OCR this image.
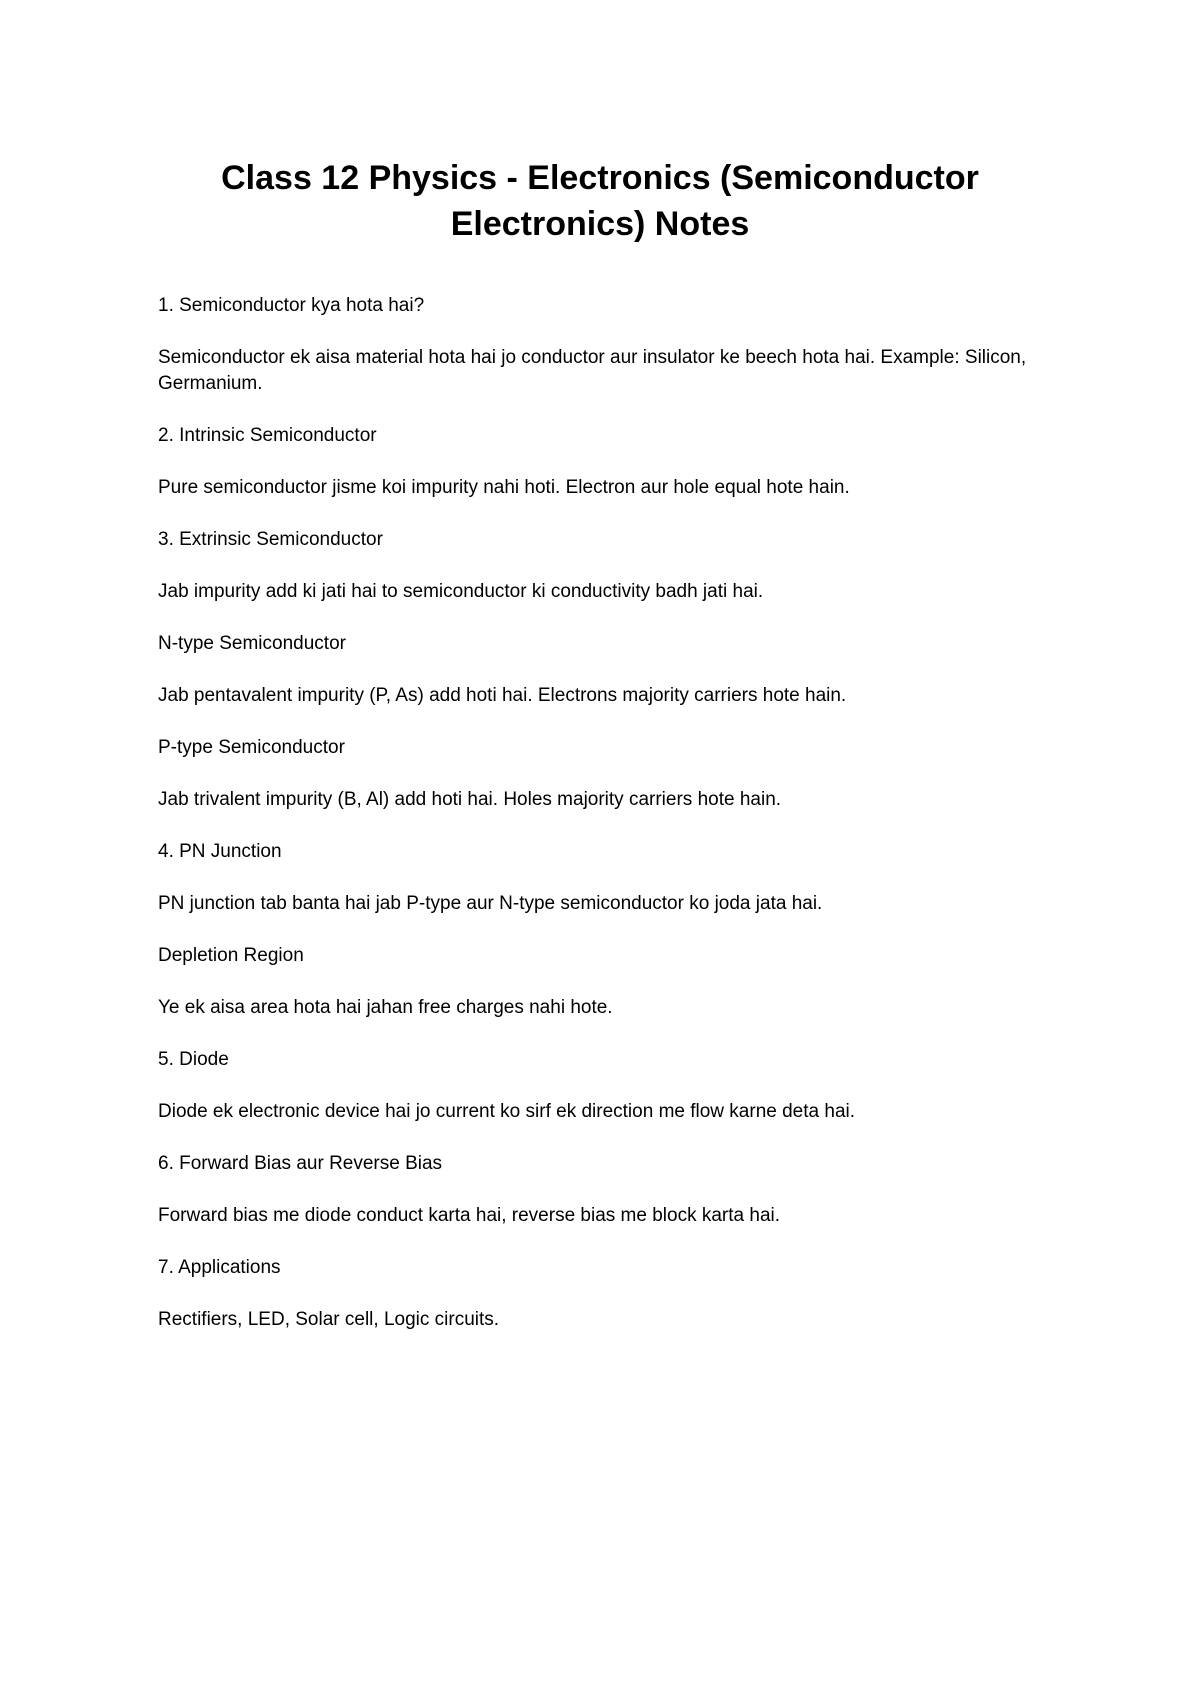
Class 12 Physics - Electronics (Semiconductor Electronics) Notes

1. Semiconductor kya hota hai?

Semiconductor ek aisa material hota hai jo conductor aur insulator ke beech hota hai. Example: Silicon, Germanium.

2. Intrinsic Semiconductor

Pure semiconductor jisme koi impurity nahi hoti. Electron aur hole equal hote hain.

3. Extrinsic Semiconductor

Jab impurity add ki jati hai to semiconductor ki conductivity badh jati hai.

N-type Semiconductor

Jab pentavalent impurity (P, As) add hoti hai. Electrons majority carriers hote hain.

P-type Semiconductor

Jab trivalent impurity (B, Al) add hoti hai. Holes majority carriers hote hain.

4. PN Junction

PN junction tab banta hai jab P-type aur N-type semiconductor ko joda jata hai.

Depletion Region

Ye ek aisa area hota hai jahan free charges nahi hote.

5. Diode

Diode ek electronic device hai jo current ko sirf ek direction me flow karne deta hai.

6. Forward Bias aur Reverse Bias

Forward bias me diode conduct karta hai, reverse bias me block karta hai.

7. Applications

Rectifiers, LED, Solar cell, Logic circuits.
